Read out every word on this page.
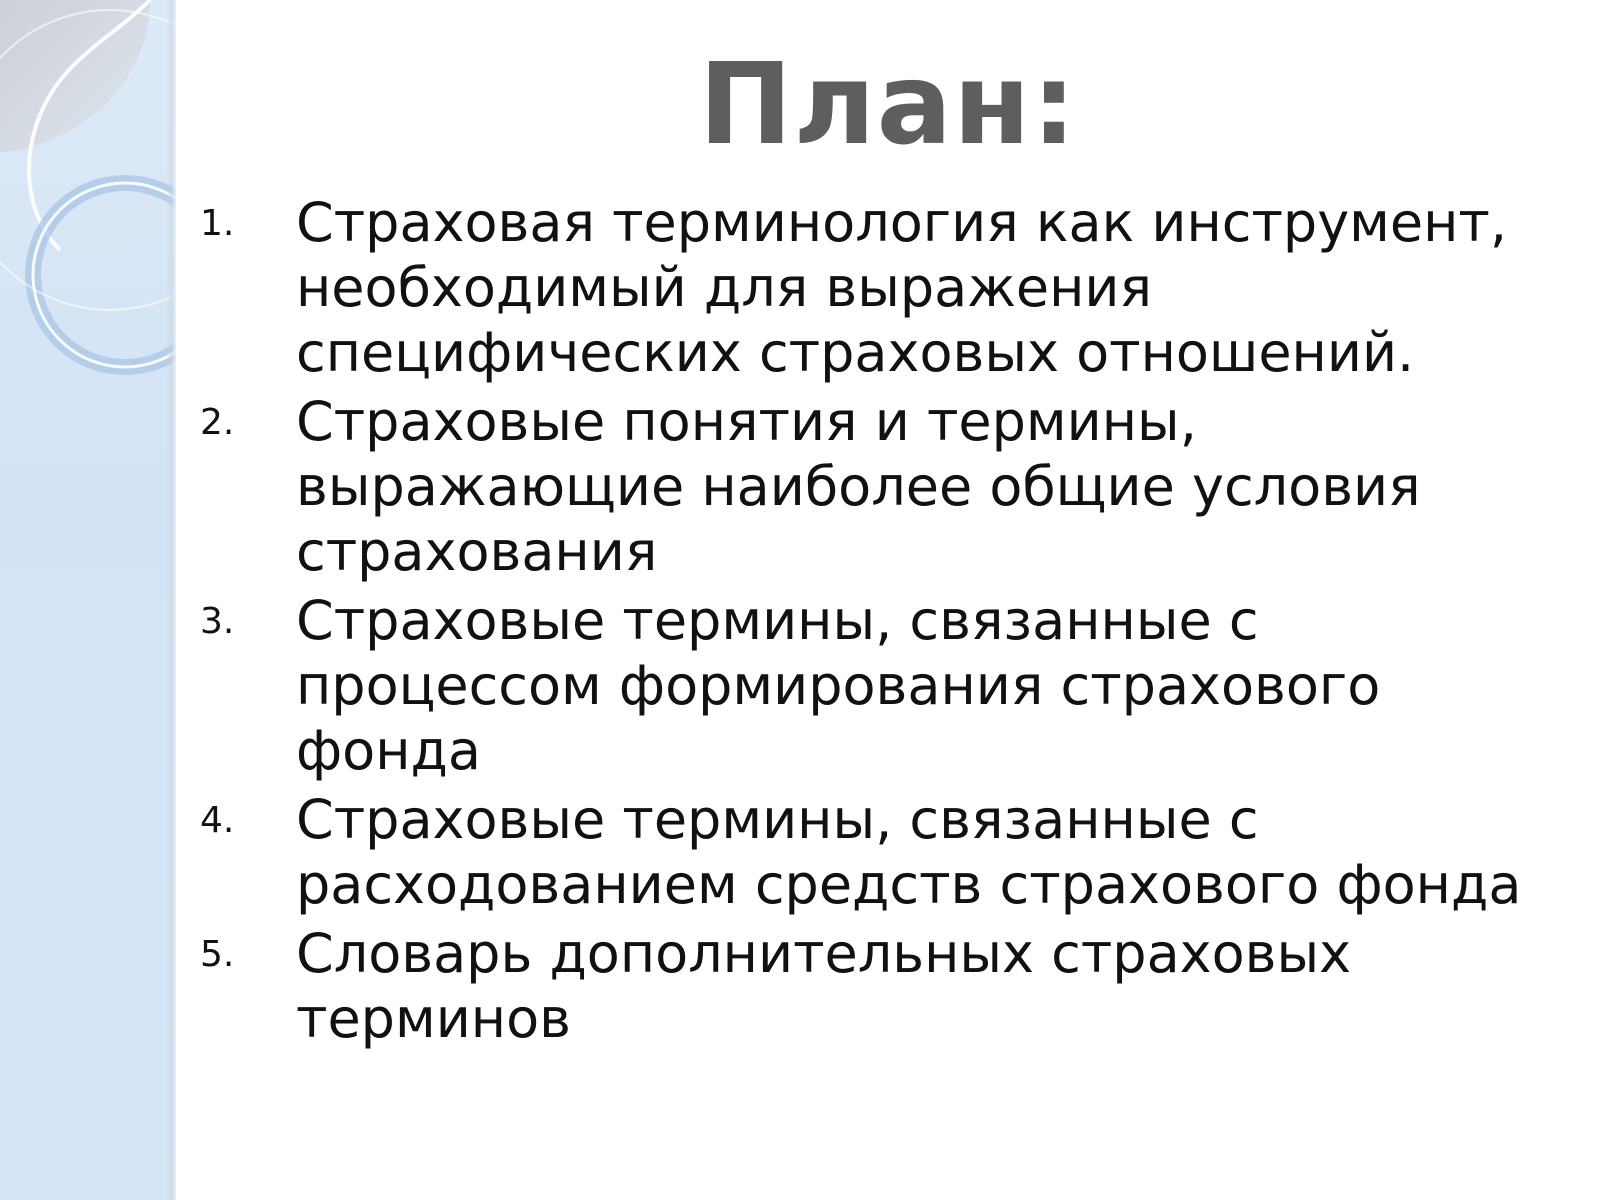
План:
1.	Страховая терминология как инструмент, необходимый для выражения специфических страховых отношений.
2.	Страховые понятия и термины, выражающие наиболее общие условия страхования
3.	Страховые термины, связанные с процессом формирования страхового фонда
4.	Страховые термины, связанные с расходованием средств страхового фонда
5.	Словарь дополнительных страховых терминов
